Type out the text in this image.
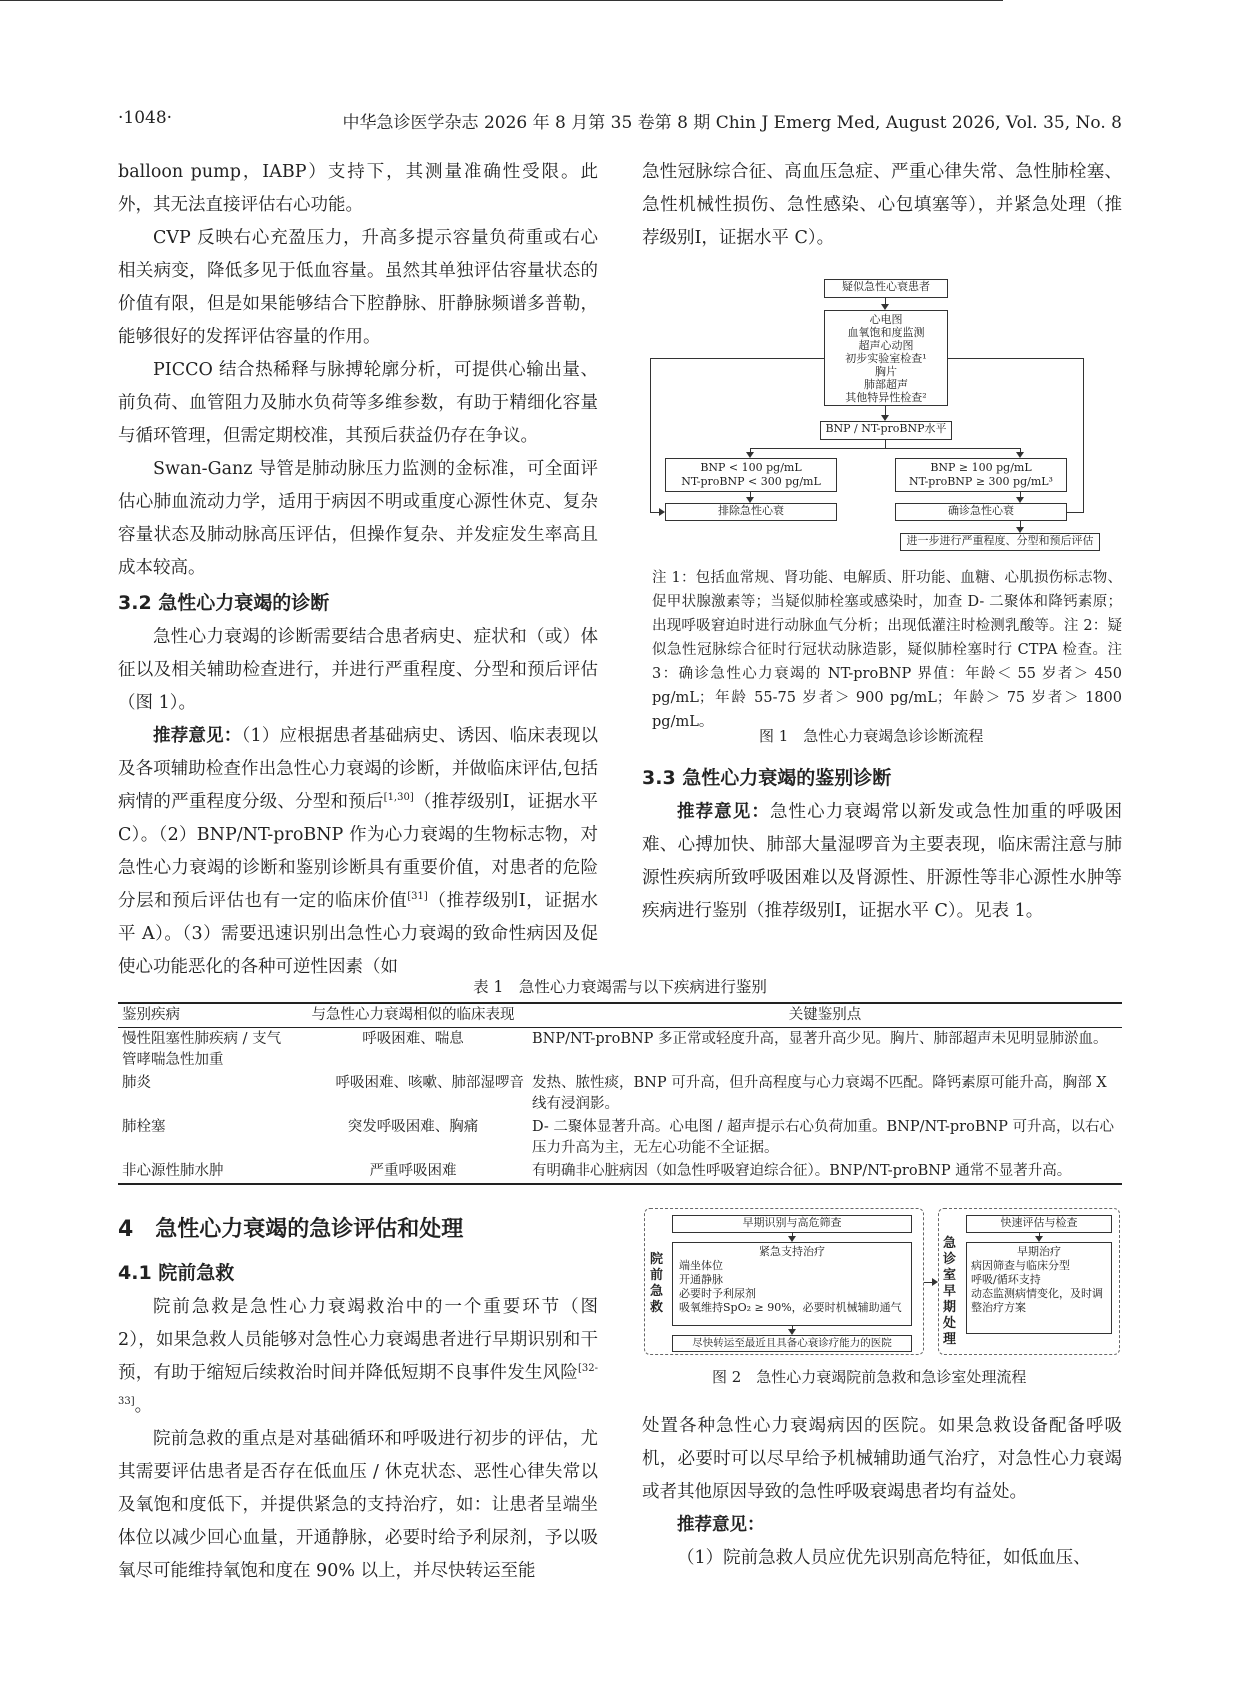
·1048·	中华急诊医学杂志 2026 年 8 月第 35 卷第 8 期 Chin J Emerg Med, August 2026, Vol. 35, No. 8

balloon pump，IABP）支持下，其测量准确性受限。此外，其无法直接评估右心功能。

CVP 反映右心充盈压力，升高多提示容量负荷重或右心相关病变，降低多见于低血容量。虽然其单独评估容量状态的价值有限，但是如果能够结合下腔静脉、肝静脉频谱多普勒，能够很好的发挥评估容量的作用。

PICCO 结合热稀释与脉搏轮廓分析，可提供心输出量、前负荷、血管阻力及肺水负荷等多维参数，有助于精细化容量与循环管理，但需定期校准，其预后获益仍存在争议。

Swan-Ganz 导管是肺动脉压力监测的金标准，可全面评估心肺血流动力学，适用于病因不明或重度心源性休克、复杂容量状态及肺动脉高压评估，但操作复杂、并发症发生率高且成本较高。

3.2 急性心力衰竭的诊断

急性心力衰竭的诊断需要结合患者病史、症状和（或）体征以及相关辅助检查进行，并进行严重程度、分型和预后评估（图 1）。

推荐意见：（1）应根据患者基础病史、诱因、临床表现以及各项辅助检查作出急性心力衰竭的诊断，并做临床评估,包括病情的严重程度分级、分型和预后[1,30]（推荐级别Ⅰ，证据水平 C）。（2）BNP/NT-proBNP 作为心力衰竭的生物标志物，对急性心力衰竭的诊断和鉴别诊断具有重要价值，对患者的危险分层和预后评估也有一定的临床价值[31]（推荐级别Ⅰ，证据水平 A）。（3）需要迅速识别出急性心力衰竭的致命性病因及促使心功能恶化的各种可逆性因素（如

急性冠脉综合征、高血压急症、严重心律失常、急性肺栓塞、急性机械性损伤、急性感染、心包填塞等），并紧急处理（推荐级别Ⅰ，证据水平 C）。

疑似急性心衰患者
心电图
血氧饱和度监测
超声心动图
初步实验室检查¹
胸片
肺部超声
其他特异性检查²
BNP / NT-proBNP水平
BNP < 100 pg/mL
NT-proBNP < 300 pg/mL
BNP ≥ 100 pg/mL
NT-proBNP ≥ 300 pg/mL³
排除急性心衰	确诊急性心衰
进一步进行严重程度、分型和预后评估
注 1：包括血常规、肾功能、电解质、肝功能、血糖、心肌损伤标志物、促甲状腺激素等；当疑似肺栓塞或感染时，加查 D- 二聚体和降钙素原；出现呼吸窘迫时进行动脉血气分析；出现低灌注时检测乳酸等。注 2：疑似急性冠脉综合征时行冠状动脉造影，疑似肺栓塞时行 CTPA 检查。注 3：确诊急性心力衰竭的 NT-proBNP 界值：年龄＜ 55 岁者＞ 450 pg/mL；年龄 55-75 岁者＞ 900 pg/mL；年龄＞ 75 岁者＞ 1800 pg/mL。
图 1　急性心力衰竭急诊诊断流程
3.3 急性心力衰竭的鉴别诊断

推荐意见：急性心力衰竭常以新发或急性加重的呼吸困难、心搏加快、肺部大量湿啰音为主要表现，临床需注意与肺源性疾病所致呼吸困难以及肾源性、肝源性等非心源性水肿等疾病进行鉴别（推荐级别Ⅰ，证据水平 C）。见表 1。

表 1　急性心力衰竭需与以下疾病进行鉴别
鉴别疾病	与急性心力衰竭相似的临床表现	关键鉴别点
慢性阻塞性肺疾病 / 支气管哮喘急性加重	呼吸困难、喘息	BNP/NT-proBNP 多正常或轻度升高，显著升高少见。胸片、肺部超声未见明显肺淤血。
肺炎	呼吸困难、咳嗽、肺部湿啰音	发热、脓性痰，BNP 可升高，但升高程度与心力衰竭不匹配。降钙素原可能升高，胸部 X 线有浸润影。
肺栓塞	突发呼吸困难、胸痛	D- 二聚体显著升高。心电图 / 超声提示右心负荷加重。BNP/NT-proBNP 可升高，以右心压力升高为主，无左心功能不全证据。
非心源性肺水肿	严重呼吸困难	有明确非心脏病因（如急性呼吸窘迫综合征）。BNP/NT-proBNP 通常不显著升高。
4　急性心力衰竭的急诊评估和处理
4.1 院前急救

院前急救是急性心力衰竭救治中的一个重要环节（图 2），如果急救人员能够对急性心力衰竭患者进行早期识别和干预，有助于缩短后续救治时间并降低短期不良事件发生风险[32-33]。

院前急救的重点是对基础循环和呼吸进行初步的评估，尤其需要评估患者是否存在低血压 / 休克状态、恶性心律失常以及氧饱和度低下，并提供紧急的支持治疗，如：让患者呈端坐体位以减少回心血量，开通静脉，必要时给予利尿剂，予以吸氧尽可能维持氧饱和度在 90% 以上，并尽快转运至能

院前急救
急诊室早期处理
早期识别与高危筛查
紧急支持治疗
端坐体位
开通静脉
必要时予利尿剂
吸氧维持SpO₂ ≥ 90%，必要时机械辅助通气
尽快转运至最近且具备心衰诊疗能力的医院
快速评估与检查
早期治疗
病因筛查与临床分型
呼吸/循环支持
动态监测病情变化，及时调整治疗方案
图 2　急性心力衰竭院前急救和急诊室处理流程

处置各种急性心力衰竭病因的医院。如果急救设备配备呼吸机，必要时可以尽早给予机械辅助通气治疗，对急性心力衰竭或者其他原因导致的急性呼吸衰竭患者均有益处。

推荐意见：

（1）院前急救人员应优先识别高危特征，如低血压、
